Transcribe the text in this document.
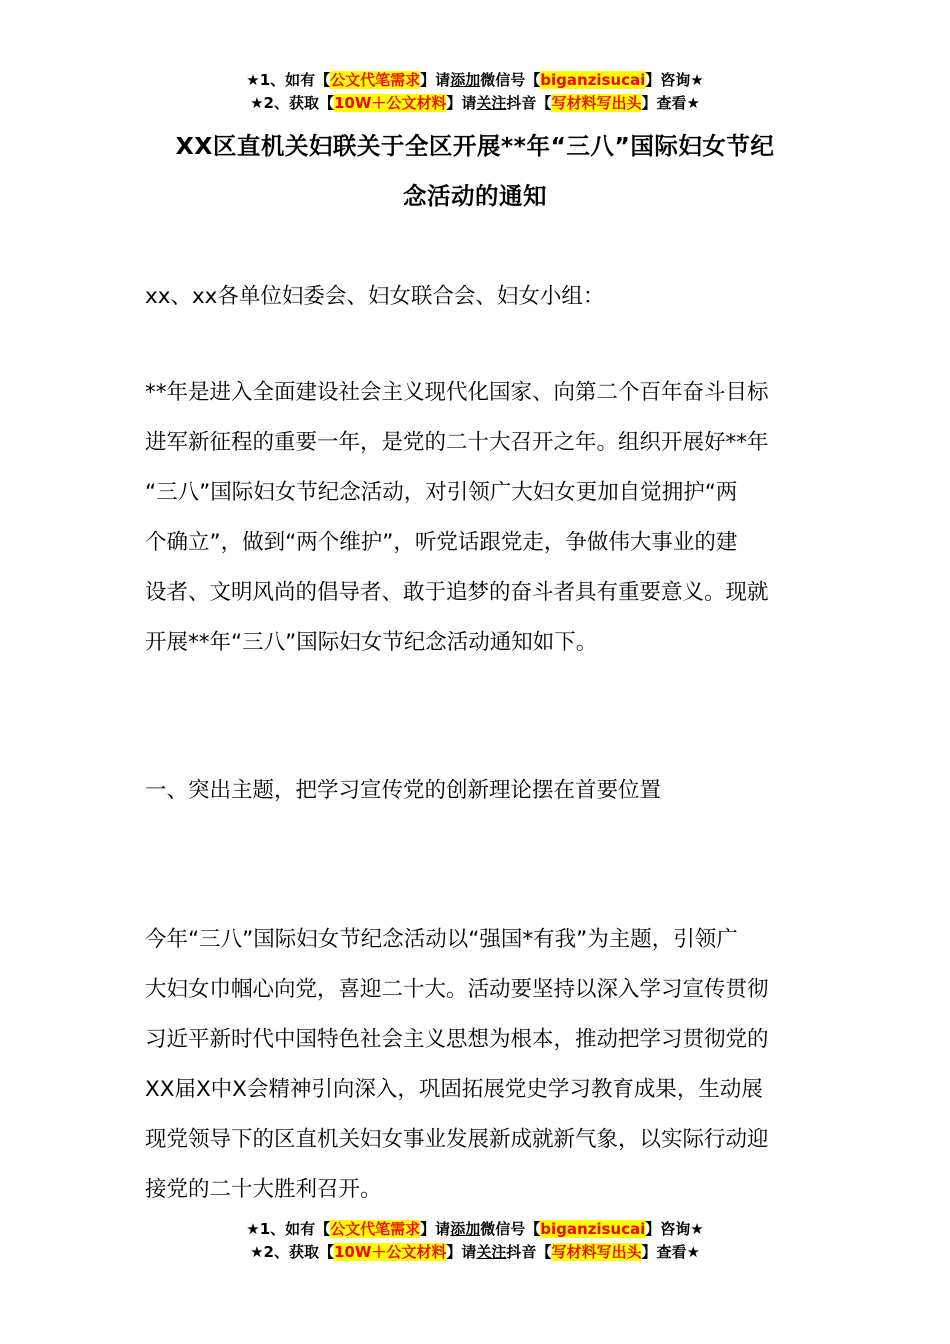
★1、如有【公文代笔需求】请添加微信号【biganzisucai】咨询★
★2、获取【10W＋公文材料】请关注抖音【写材料写出头】查看★
XX区直机关妇联关于全区开展**年“三八”国际妇女节纪
念活动的通知
xx、xx各单位妇委会、妇女联合会、妇女小组：
**年是进入全面建设社会主义现代化国家、向第二个百年奋斗目标
进军新征程的重要一年，是党的二十大召开之年。组织开展好**年
“三八”国际妇女节纪念活动，对引领广大妇女更加自觉拥护“两
个确立”，做到“两个维护”，听党话跟党走，争做伟大事业的建
设者、文明风尚的倡导者、敢于追梦的奋斗者具有重要意义。现就
开展**年“三八”国际妇女节纪念活动通知如下。
一、突出主题，把学习宣传党的创新理论摆在首要位置
今年“三八”国际妇女节纪念活动以“强国*有我”为主题，引领广
大妇女巾帼心向党，喜迎二十大。活动要坚持以深入学习宣传贯彻
习近平新时代中国特色社会主义思想为根本，推动把学习贯彻党的
XX届X中X会精神引向深入，巩固拓展党史学习教育成果，生动展
现党领导下的区直机关妇女事业发展新成就新气象，以实际行动迎
接党的二十大胜利召开。
★1、如有【公文代笔需求】请添加微信号【biganzisucai】咨询★
★2、获取【10W＋公文材料】请关注抖音【写材料写出头】查看★
